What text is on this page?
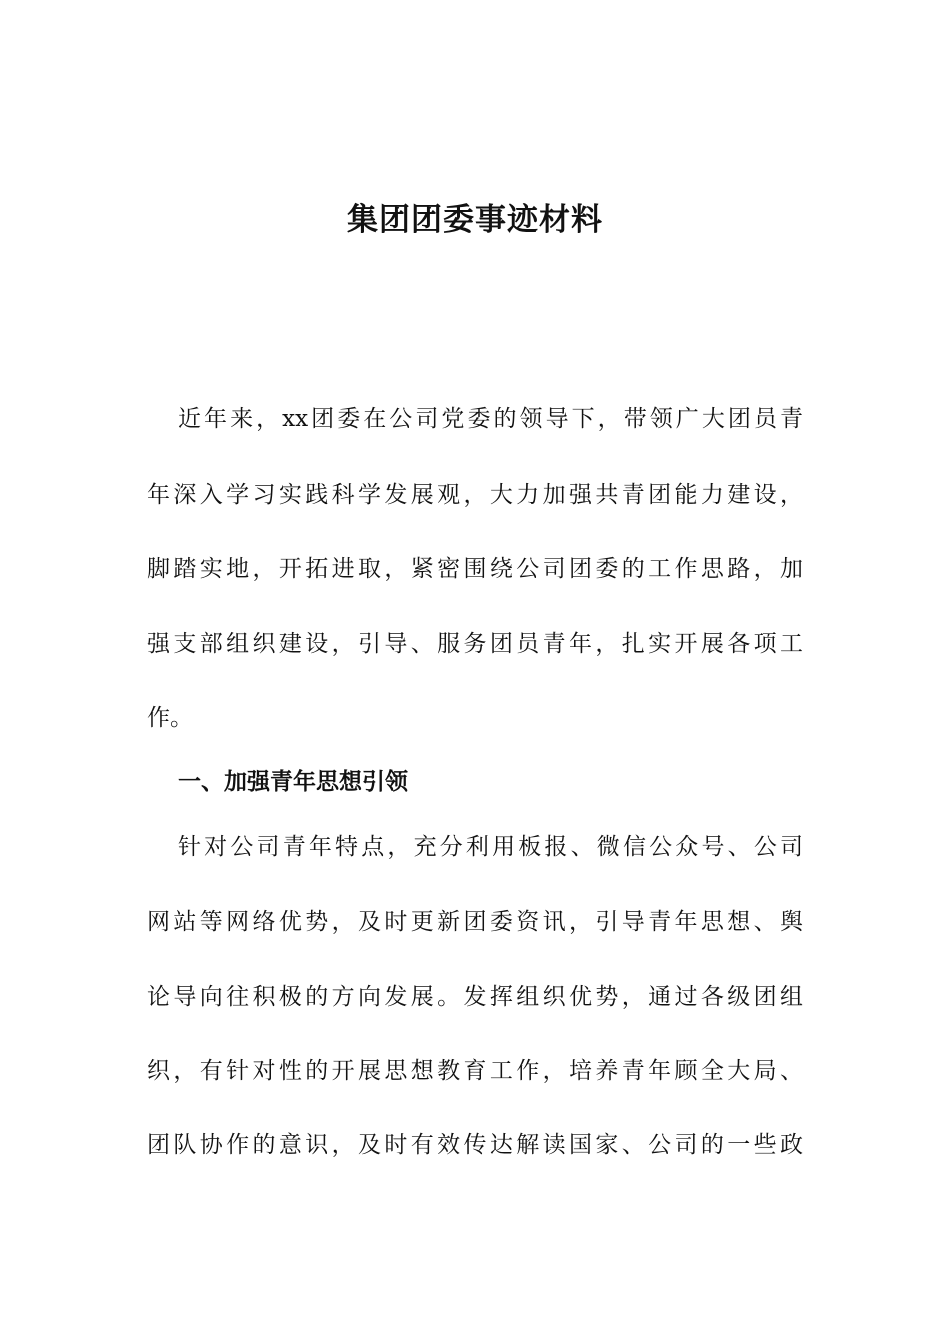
集团团委事迹材料

近年来，xx团委在公司党委的领导下，带领广大团员青

年深入学习实践科学发展观，大力加强共青团能力建设，

脚踏实地，开拓进取，紧密围绕公司团委的工作思路，加

强支部组织建设，引导、服务团员青年，扎实开展各项工

作。

一、加强青年思想引领

针对公司青年特点，充分利用板报、微信公众号、公司

网站等网络优势，及时更新团委资讯，引导青年思想、舆

论导向往积极的方向发展。发挥组织优势，通过各级团组

织，有针对性的开展思想教育工作，培养青年顾全大局、

团队协作的意识，及时有效传达解读国家、公司的一些政
